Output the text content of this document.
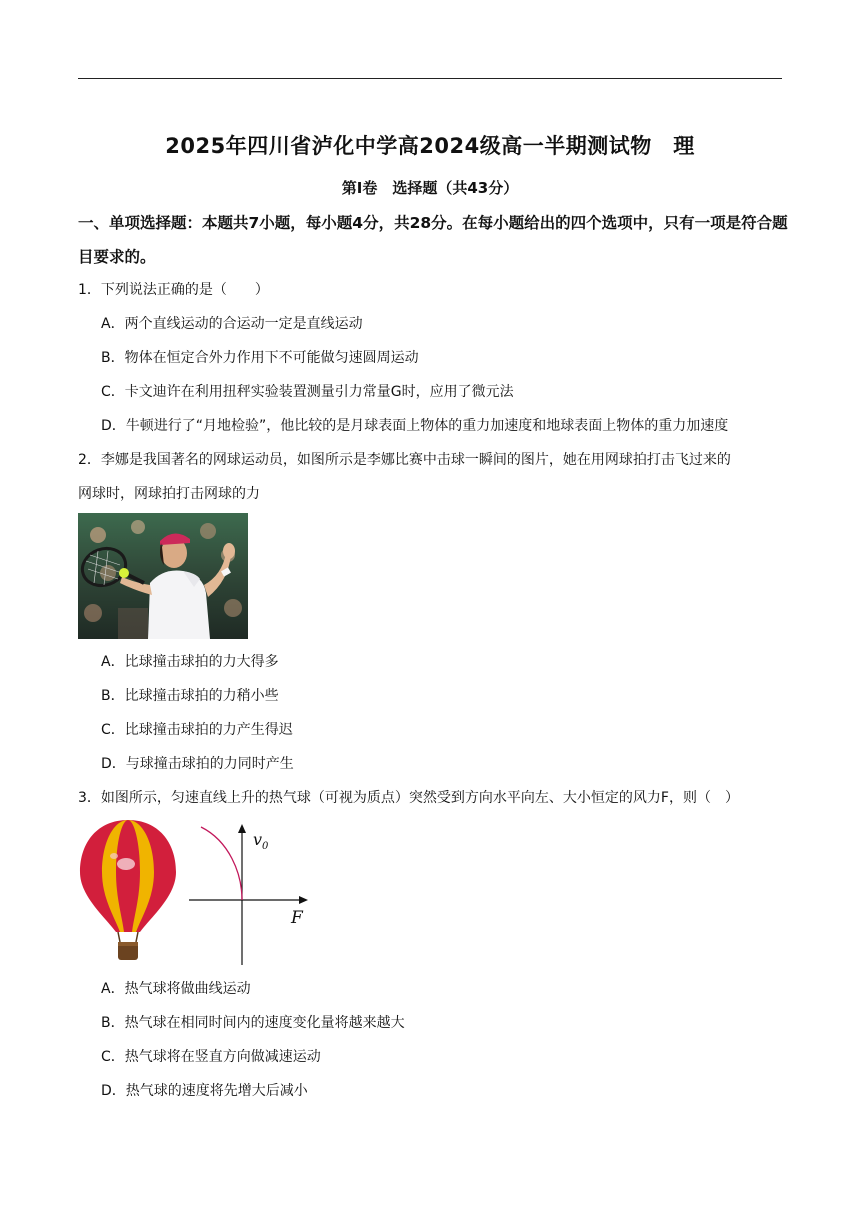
2025年四川省泸化中学高2024级高一半期测试物　理
第Ⅰ卷　选择题（共43分）
一、单项选择题：本题共7小题，每小题4分，共28分。在每小题给出的四个选项中，只有一项是符合题目要求的。
1．下列说法正确的是（　　）
A．两个直线运动的合运动一定是直线运动
B．物体在恒定合外力作用下不可能做匀速圆周运动
C．卡文迪许在利用扭秤实验装置测量引力常量G时，应用了微元法
D．牛顿进行了“月地检验”，他比较的是月球表面上物体的重力加速度和地球表面上物体的重力加速度
2．李娜是我国著名的网球运动员，如图所示是李娜比赛中击球一瞬间的图片，她在用网球拍打击飞过来的
网球时，网球拍打击网球的力
A．比球撞击球拍的力大得多
B．比球撞击球拍的力稍小些
C．比球撞击球拍的力产生得迟
D．与球撞击球拍的力同时产生
3．如图所示，匀速直线上升的热气球（可视为质点）突然受到方向水平向左、大小恒定的风力F，则（　）
$v_0$
F
A．热气球将做曲线运动
B．热气球在相同时间内的速度变化量将越来越大
C．热气球将在竖直方向做减速运动
D．热气球的速度将先增大后减小
